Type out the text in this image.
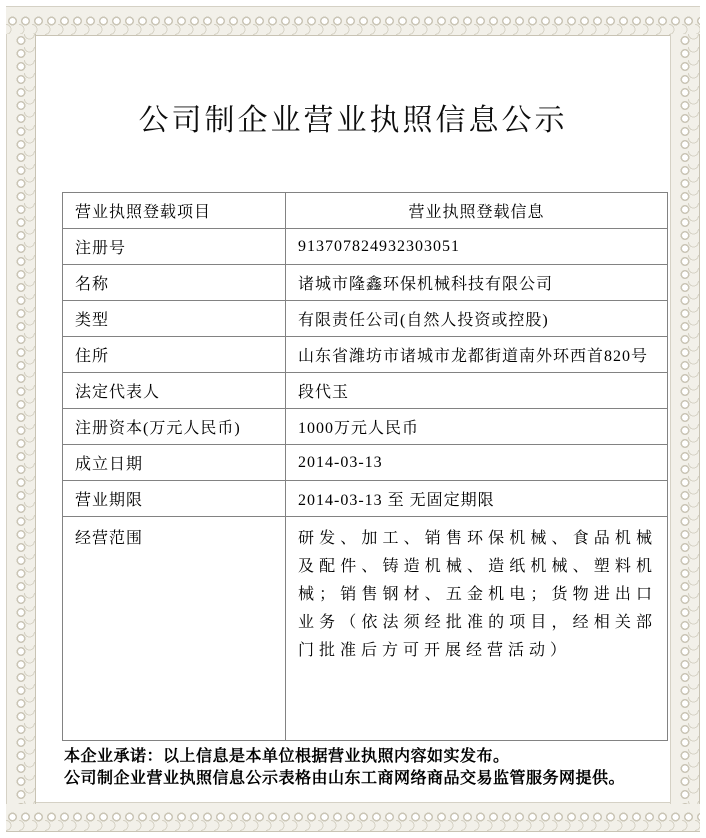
公司制企业营业执照信息公示
营业执照登载项目	营业执照登载信息
注册号	913707824932303051
名称	诸城市隆鑫环保机械科技有限公司
类型	有限责任公司(自然人投资或控股)
住所	山东省潍坊市诸城市龙都街道南外环西首820号
法定代表人	段代玉
注册资本(万元人民币)	1000万元人民币
成立日期	2014-03-13
营业期限	2014-03-13 至 无固定期限
经营范围	研发、加工、销售环保机械、食品机械及配件、铸造机械、造纸机械、塑料机械；销售钢材、五金机电；货物进出口业务（依法须经批准的项目，经相关部门批准后方可开展经营活动）
本企业承诺：以上信息是本单位根据营业执照内容如实发布。
公司制企业营业执照信息公示表格由山东工商网络商品交易监管服务网提供。
